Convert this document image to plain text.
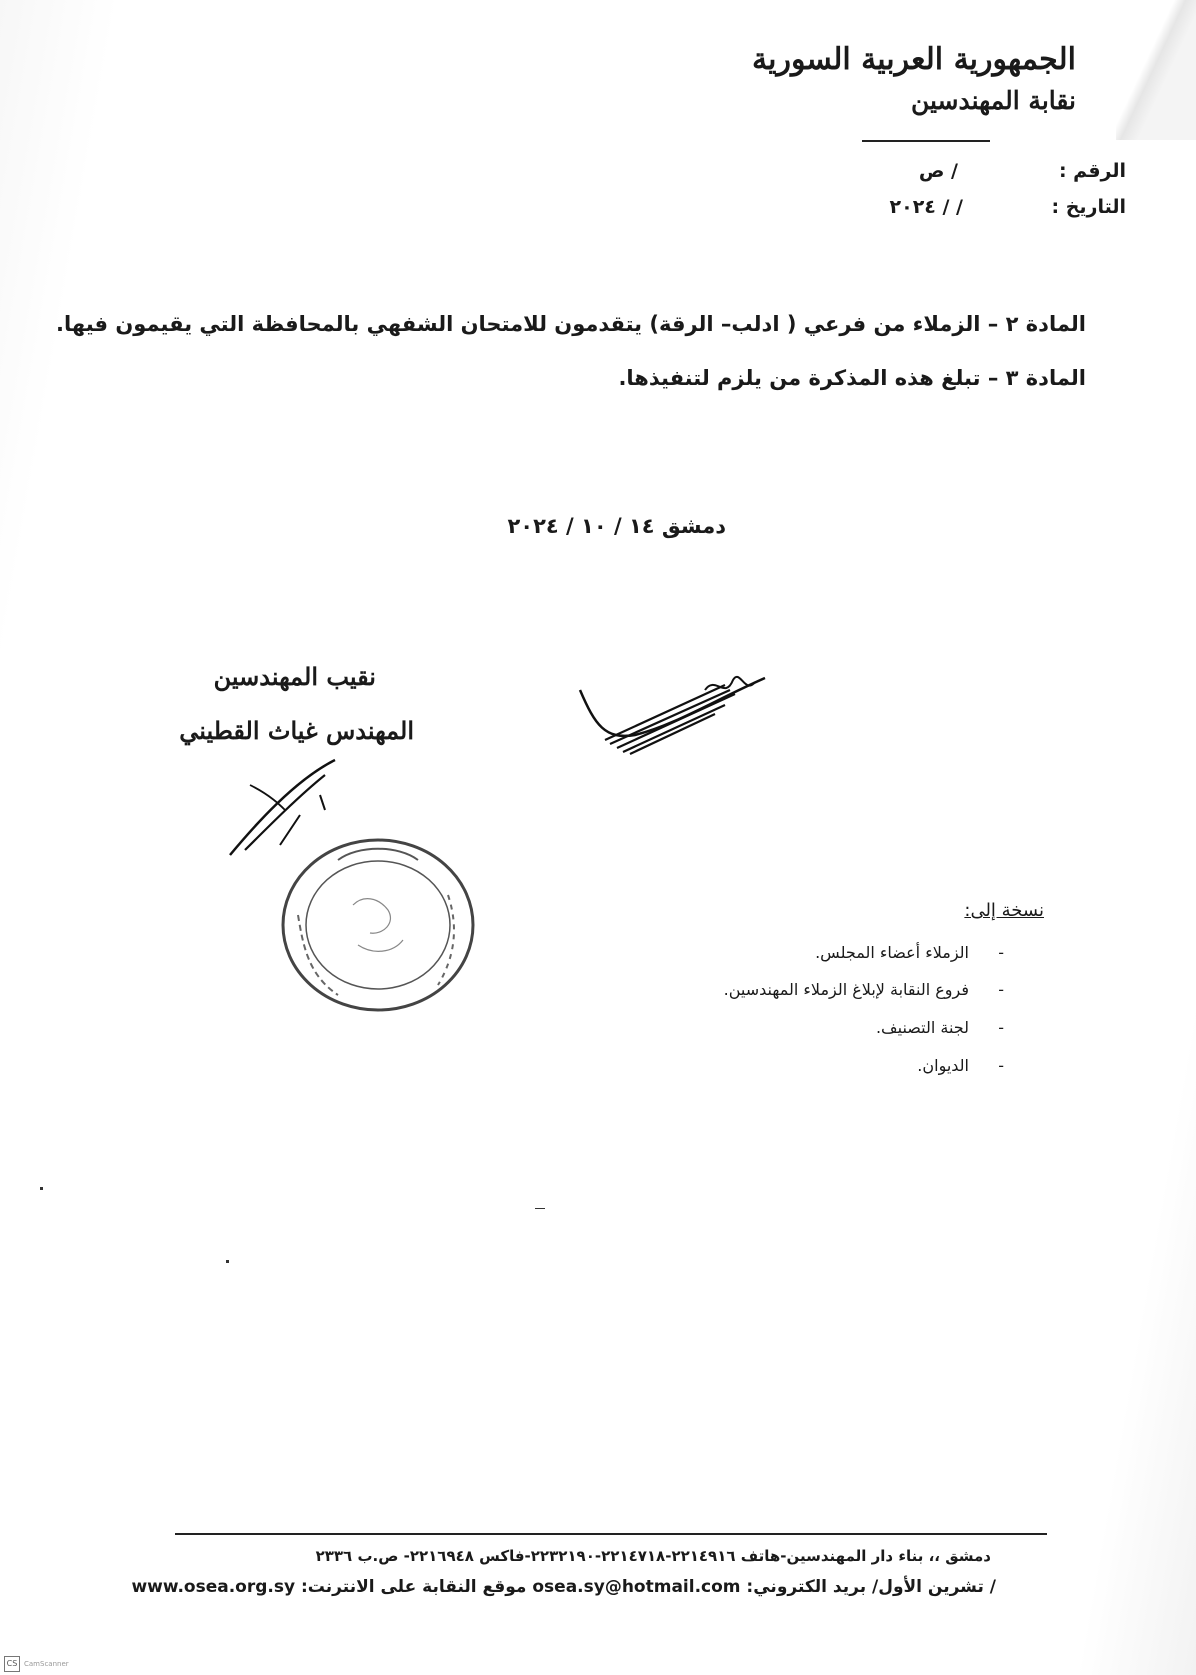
الجمهورية العربية السورية
نقابة المهندسين
الرقم :
/ ص
التاريخ :
/ / ٢٠٢٤
المادة ٢ – الزملاء من فرعي ( ادلب– الرقة) يتقدمون للامتحان الشفهي بالمحافظة التي يقيمون فيها.
المادة ٣ – تبلغ هذه المذكرة من يلزم لتنفيذها.
دمشق ١٤ / ١٠ / ٢٠٢٤
نقيب المهندسين
المهندس غياث القطيني
نسخة إلى:
-
الزملاء أعضاء المجلس.
-
فروع النقابة لإبلاغ الزملاء المهندسين.
-
لجنة التصنيف.
-
الديوان.
دمشق ،، بناء دار المهندسين-هاتف ٢٢١٤٩١٦-٢٢١٤٧١٨-٢٢٣٢١٩٠-فاكس ٢٢١٦٩٤٨- ص.ب ٢٣٣٦
/ تشرين الأول/ بريد الكتروني: osea.sy@hotmail.com موقع النقابة على الانترنت: www.osea.org.sy
CS CamScanner
